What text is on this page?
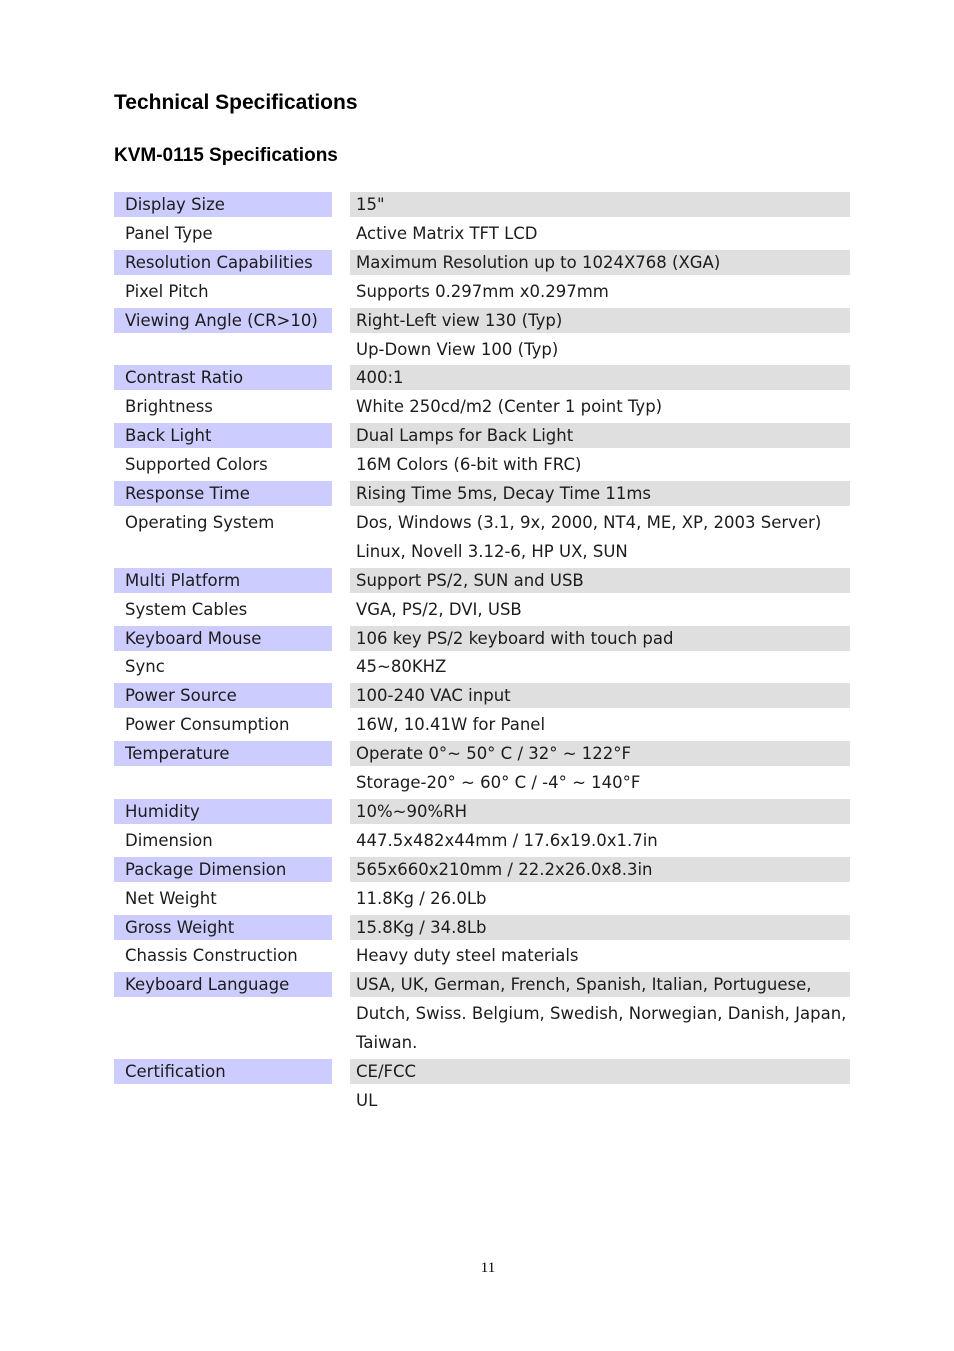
Technical Specifications
KVM-0115 Specifications
Display Size	15"
Panel Type	Active Matrix TFT LCD
Resolution Capabilities	Maximum Resolution up to 1024X768 (XGA)
Pixel Pitch	Supports 0.297mm x0.297mm
Viewing Angle (CR>10)	Right-Left view 130 (Typ)
Up-Down View 100 (Typ)
Contrast Ratio	400:1
Brightness	White 250cd/m2 (Center 1 point Typ)
Back Light	Dual Lamps for Back Light
Supported Colors	16M Colors (6-bit with FRC)
Response Time	Rising Time 5ms, Decay Time 11ms
Operating System	Dos, Windows (3.1, 9x, 2000, NT4, ME, XP, 2003 Server)
Linux, Novell 3.12-6, HP UX, SUN
Multi Platform	Support PS/2, SUN and USB
System Cables	VGA, PS/2, DVI, USB
Keyboard Mouse	106 key PS/2 keyboard with touch pad
Sync	45~80KHZ
Power Source	100-240 VAC input
Power Consumption	16W, 10.41W for Panel
Temperature	Operate 0°~ 50° C / 32° ~ 122°F
Storage-20° ~ 60° C / -4° ~ 140°F
Humidity	10%~90%RH
Dimension	447.5x482x44mm / 17.6x19.0x1.7in
Package Dimension	565x660x210mm / 22.2x26.0x8.3in
Net Weight	11.8Kg / 26.0Lb
Gross Weight	15.8Kg / 34.8Lb
Chassis Construction	Heavy duty steel materials
Keyboard Language	USA, UK, German, French, Spanish, Italian, Portuguese,
Dutch, Swiss. Belgium, Swedish, Norwegian, Danish, Japan,
Taiwan.
Certification	CE/FCC
UL
11
